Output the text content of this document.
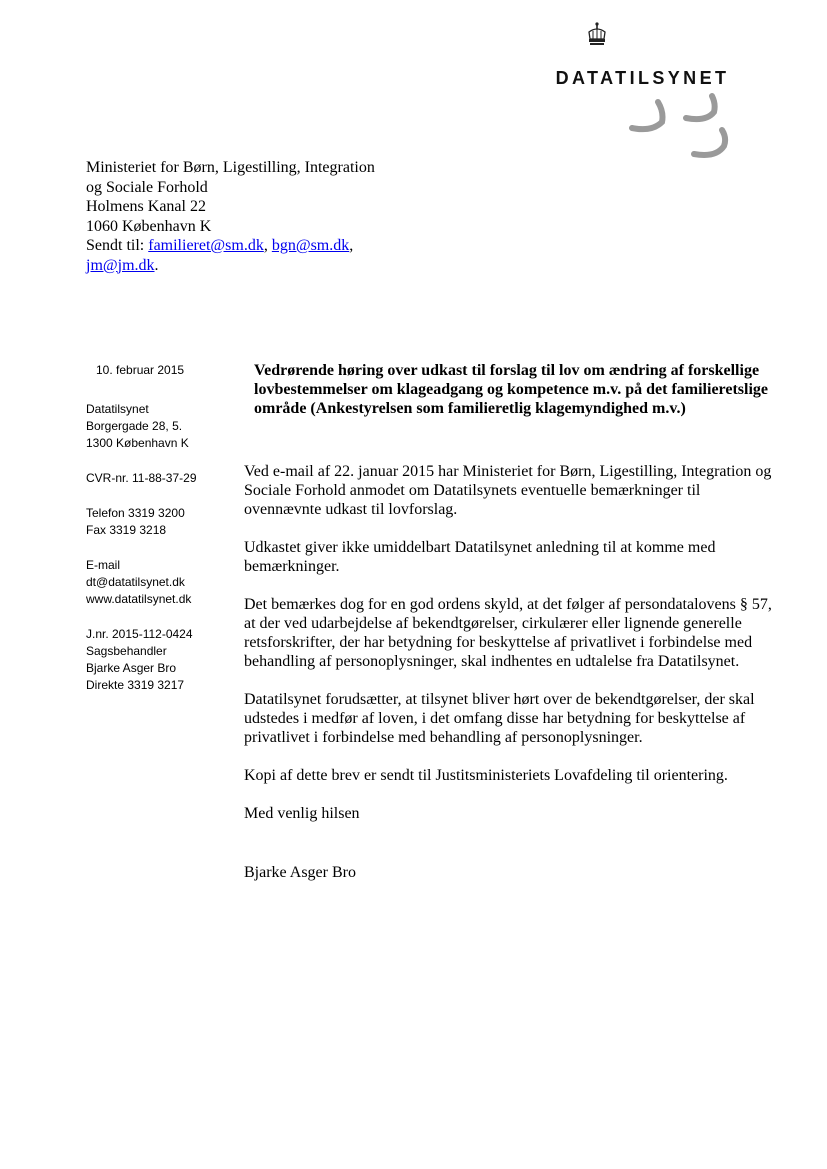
DATATILSYNET
Ministeriet for Børn, Ligestilling, Integration
og Sociale Forhold
Holmens Kanal 22
1060 København K
Sendt til: familieret@sm.dk, bgn@sm.dk,
jm@jm.dk.
10. februar 2015
Datatilsynet
Borgergade 28, 5.
1300 København K
CVR-nr. 11-88-37-29
Telefon 3319 3200
Fax 3319 3218
E-mail
dt@datatilsynet.dk
www.datatilsynet.dk
J.nr. 2015-112-0424
Sagsbehandler
Bjarke Asger Bro
Direkte 3319 3217
Vedrørende høring over udkast til forslag til lov om ændring af forskellige lovbestemmelser om klageadgang og kompetence m.v. på det familieretslige område (Ankestyrelsen som familieretlig klagemyndighed m.v.)

Ved e-mail af 22. januar 2015 har Ministeriet for Børn, Ligestilling, Integration og Sociale Forhold anmodet om Datatilsynets eventuelle bemærkninger til ovennævnte udkast til lovforslag.

Udkastet giver ikke umiddelbart Datatilsynet anledning til at komme med bemærkninger.

Det bemærkes dog for en god ordens skyld, at det følger af persondatalovens § 57, at der ved udarbejdelse af bekendtgørelser, cirkulærer eller lignende generelle retsforskrifter, der har betydning for beskyttelse af privatlivet i forbindelse med behandling af personoplysninger, skal indhentes en udtalelse fra Datatilsynet.

Datatilsynet forudsætter, at tilsynet bliver hørt over de bekendtgørelser, der skal udstedes i medfør af loven, i det omfang disse har betydning for beskyttelse af privatlivet i forbindelse med behandling af personoplysninger.

Kopi af dette brev er sendt til Justitsministeriets Lovafdeling til orientering.

Med venlig hilsen

Bjarke Asger Bro
